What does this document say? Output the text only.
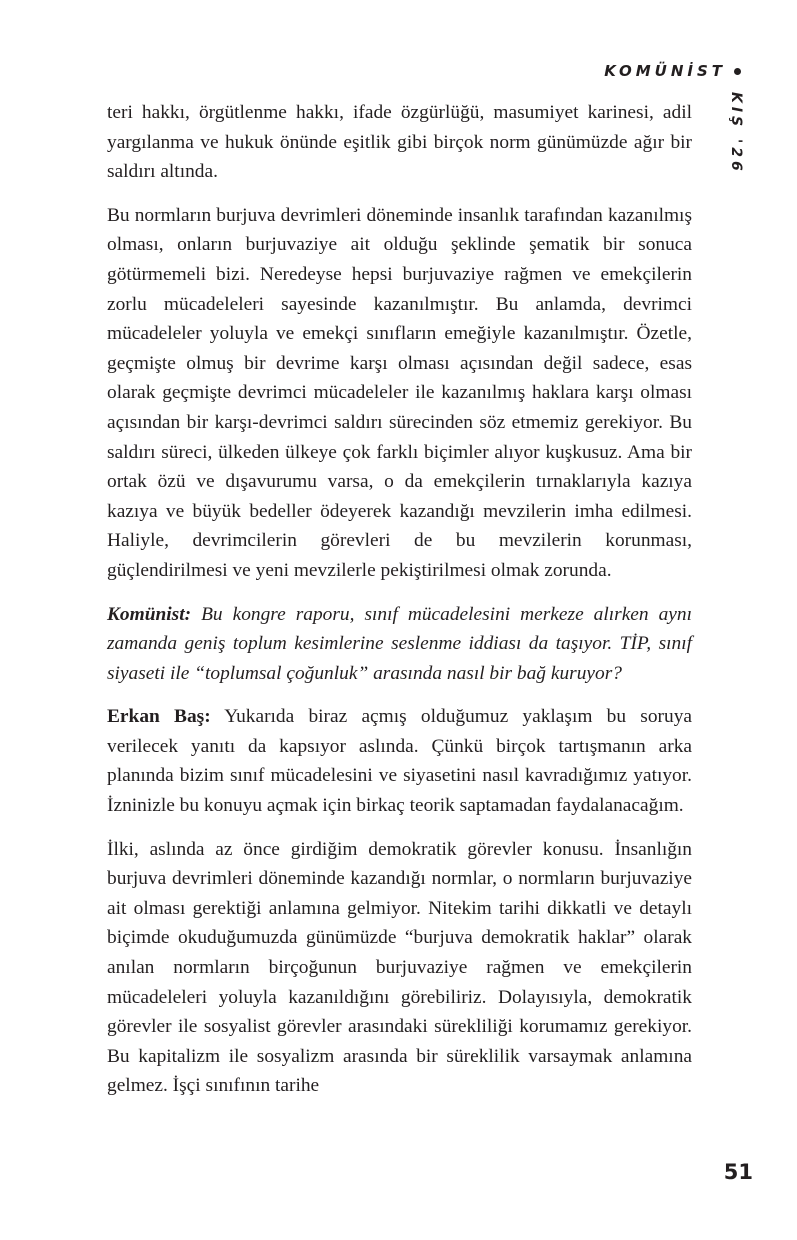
KOMÜNİST
KIŞ '26

teri hakkı, örgütlenme hakkı, ifade özgürlüğü, masumiyet karinesi, adil yargılanma ve hukuk önünde eşitlik gibi birçok norm günümüzde ağır bir saldırı altında.

Bu normların burjuva devrimleri döneminde insanlık tarafından kazanılmış olması, onların burjuvaziye ait olduğu şeklinde şematik bir sonuca götürmemeli bizi. Neredeyse hepsi burjuvaziye rağmen ve emekçilerin zorlu mücadeleleri sayesinde kazanılmıştır. Bu anlamda, devrimci mücadeleler yoluyla ve emekçi sınıfların emeğiyle kazanılmıştır. Özetle, geçmişte olmuş bir devrime karşı olması açısından değil sadece, esas olarak geçmişte devrimci mücadeleler ile kazanılmış haklara karşı olması açısından bir karşı-devrimci saldırı sürecinden söz etmemiz gerekiyor. Bu saldırı süreci, ülkeden ülkeye çok farklı biçimler alıyor kuşkusuz. Ama bir ortak özü ve dışavurumu varsa, o da emekçilerin tırnaklarıyla kazıya kazıya ve büyük bedeller ödeyerek kazandığı mevzilerin imha edilmesi. Haliyle, devrimcilerin görevleri de bu mevzilerin korunması, güçlendirilmesi ve yeni mevzilerle pekiştirilmesi olmak zorunda.

Komünist: Bu kongre raporu, sınıf mücadelesini merkeze alırken aynı zamanda geniş toplum kesimlerine seslenme iddiası da taşıyor. TİP, sınıf siyaseti ile “toplumsal çoğunluk” arasında nasıl bir bağ kuruyor?

Erkan Baş: Yukarıda biraz açmış olduğumuz yaklaşım bu soruya verilecek yanıtı da kapsıyor aslında. Çünkü birçok tartışmanın arka planında bizim sınıf mücadelesini ve siyasetini nasıl kavradığımız yatıyor. İzninizle bu konuyu açmak için birkaç teorik saptamadan faydalanacağım.

İlki, aslında az önce girdiğim demokratik görevler konusu. İnsanlığın burjuva devrimleri döneminde kazandığı normlar, o normların burjuvaziye ait olması gerektiği anlamına gelmiyor. Nitekim tarihi dikkatli ve detaylı biçimde okuduğumuzda günümüzde “burjuva demokratik haklar” olarak anılan normların birçoğunun burjuvaziye rağmen ve emekçilerin mücadeleleri yoluyla kazanıldığını görebiliriz. Dolayısıyla, demokratik görevler ile sosyalist görevler arasındaki sürekliliği korumamız gerekiyor. Bu kapitalizm ile sosyalizm arasında bir süreklilik varsaymak anlamına gelmez. İşçi sınıfının tarihe

51
